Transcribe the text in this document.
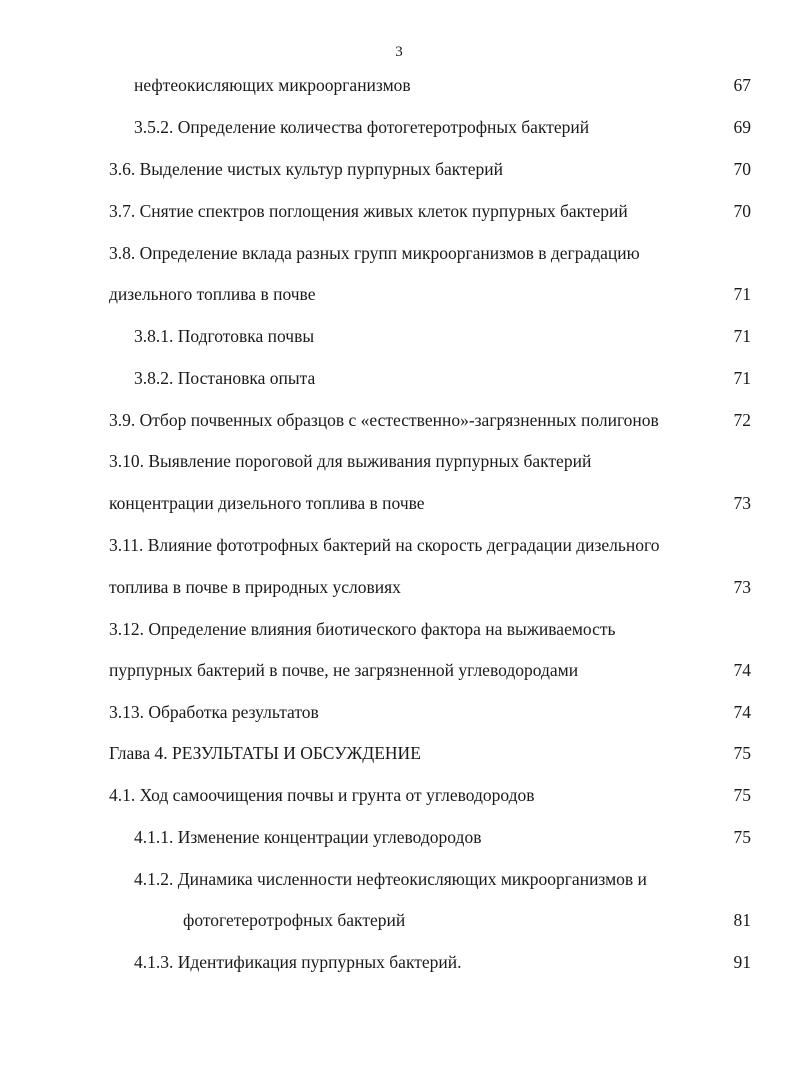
3
нефтеокисляющих микроорганизмов	67
3.5.2. Определение количества фотогетеротрофных бактерий	69
3.6. Выделение чистых культур пурпурных бактерий	70
3.7. Снятие спектров поглощения живых клеток пурпурных бактерий	70
3.8. Определение вклада разных групп микроорганизмов в деградацию
дизельного топлива в почве	71
3.8.1. Подготовка почвы	71
3.8.2. Постановка опыта	71
3.9. Отбор почвенных образцов с «естественно»-загрязненных полигонов	72
3.10. Выявление пороговой для выживания пурпурных бактерий
концентрации дизельного топлива в почве	73
3.11. Влияние фототрофных бактерий на скорость деградации дизельного
топлива в почве в природных условиях	73
3.12. Определение влияния биотического фактора на выживаемость
пурпурных бактерий в почве, не загрязненной углеводородами	74
3.13. Обработка результатов	74
Глава 4. РЕЗУЛЬТАТЫ И ОБСУЖДЕНИЕ	75
4.1. Ход самоочищения почвы и грунта от углеводородов	75
4.1.1. Изменение концентрации углеводородов	75
4.1.2. Динамика численности нефтеокисляющих микроорганизмов и
фотогетеротрофных бактерий	81
4.1.3. Идентификация пурпурных бактерий.	91
